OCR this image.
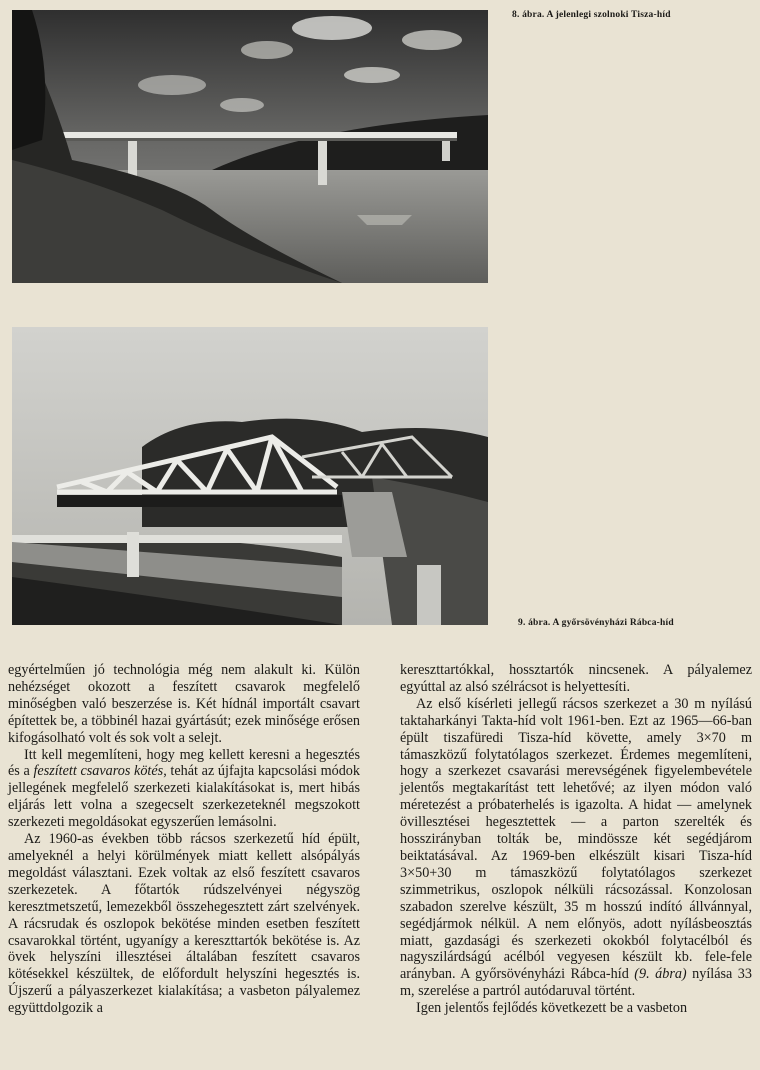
8. ábra. A jelenlegi szolnoki Tisza-híd
9. ábra. A győrsövényházi Rábca-híd

egyértelműen jó technológia még nem alakult ki. Külön nehézséget okozott a feszített csavarok megfelelő minőségben való beszerzése is. Két hídnál importált csavart építettek be, a többinél hazai gyártásút; ezek minősége erősen kifogásolható volt és sok volt a selejt.

Itt kell megemlíteni, hogy meg kellett keresni a hegesztés és a feszített csavaros kötés, tehát az újfajta kapcsolási módok jellegének megfelelő szerkezeti kialakításokat is, mert hibás eljárás lett volna a szegecselt szerkezeteknél megszokott szerkezeti megoldásokat egyszerűen lemásolni.

Az 1960-as években több rácsos szerkezetű híd épült, amelyeknél a helyi körülmények miatt kellett alsópályás megoldást választani. Ezek voltak az első feszített csavaros szerkezetek. A főtartók rúdszelvényei négyszög keresztmetszetű, lemezekből összehegesztett zárt szelvények. A rácsrudak és oszlopok bekötése minden esetben feszített csavarokkal történt, ugyanígy a kereszttartók bekötése is. Az övek helyszíni illesztései általában feszített csavaros kötésekkel készültek, de előfordult helyszíni hegesztés is. Újszerű a pályaszerkezet kialakítása; a vasbeton pályalemez együttdolgozik a

kereszttartókkal, hossztartók nincsenek. A pályalemez egyúttal az alsó szélrácsot is helyettesíti.

Az első kísérleti jellegű rácsos szerkezet a 30 m nyílású taktaharkányi Takta-híd volt 1961-ben. Ezt az 1965—66-ban épült tiszafüredi Tisza-híd követte, amely 3×70 m támaszközű folytatólagos szerkezet. Érdemes megemlíteni, hogy a szerkezet csavarási merevségének figyelembevétele jelentős megtakarítást tett lehetővé; az ilyen módon való méretezést a próbaterhelés is igazolta. A hidat — amelynek övillesztései hegesztettek — a parton szerelték és hosszirányban tolták be, mindössze két segédjárom beiktatásával. Az 1969-ben elkészült kisari Tisza-híd 3×50+30 m támaszközű folytatólagos szerkezet szimmetrikus, oszlopok nélküli rácsozással. Konzolosan szabadon szerelve készült, 35 m hosszú indító állvánnyal, segédjármok nélkül. A nem előnyös, adott nyílásbeosztás miatt, gazdasági és szerkezeti okokból folytacélból és nagyszilárdságú acélból vegyesen készült kb. fele-fele arányban. A győrsövényházi Rábca-híd (9. ábra) nyílása 33 m, szerelése a partról autódaruval történt.

Igen jelentős fejlődés következett be a vasbeton
